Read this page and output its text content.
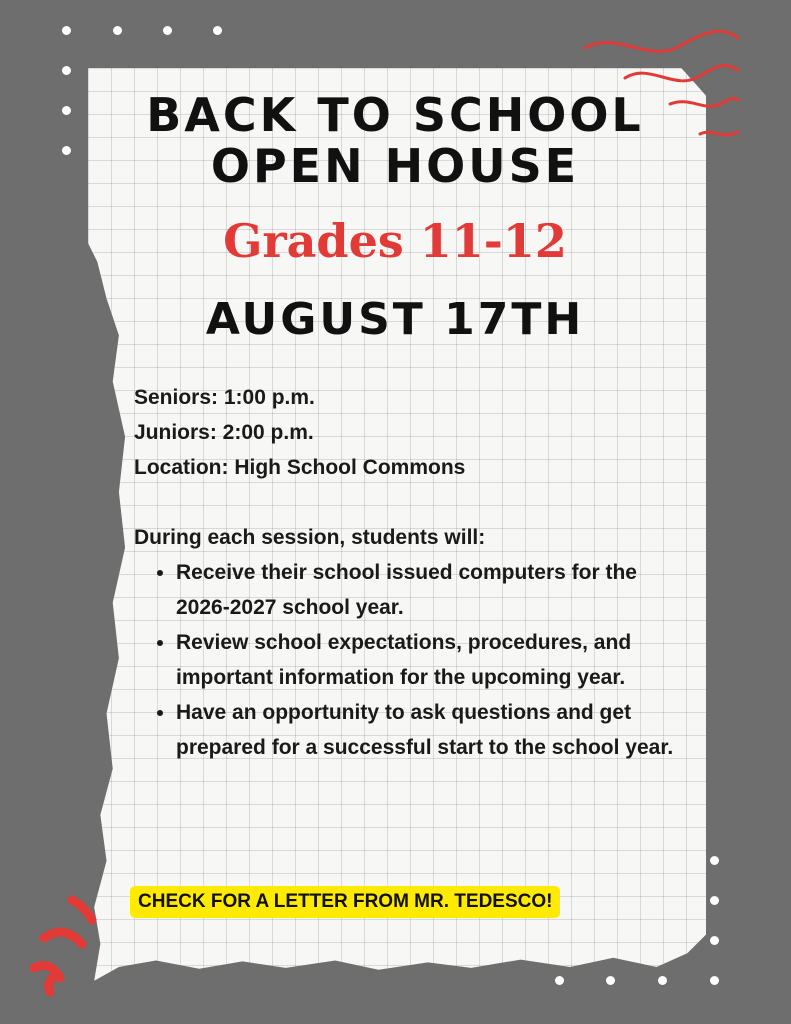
BACK TO SCHOOL
OPEN HOUSE
Grades 11-12
AUGUST 17TH

Seniors: 1:00 p.m.

Juniors: 2:00 p.m.

Location: High School Commons

During each session, students will:

• Receive their school issued computers for the 2026-2027 school year.
• Review school expectations, procedures, and important information for the upcoming year.
• Have an opportunity to ask questions and get prepared for a successful start to the school year.
CHECK FOR A LETTER FROM MR. TEDESCO!
